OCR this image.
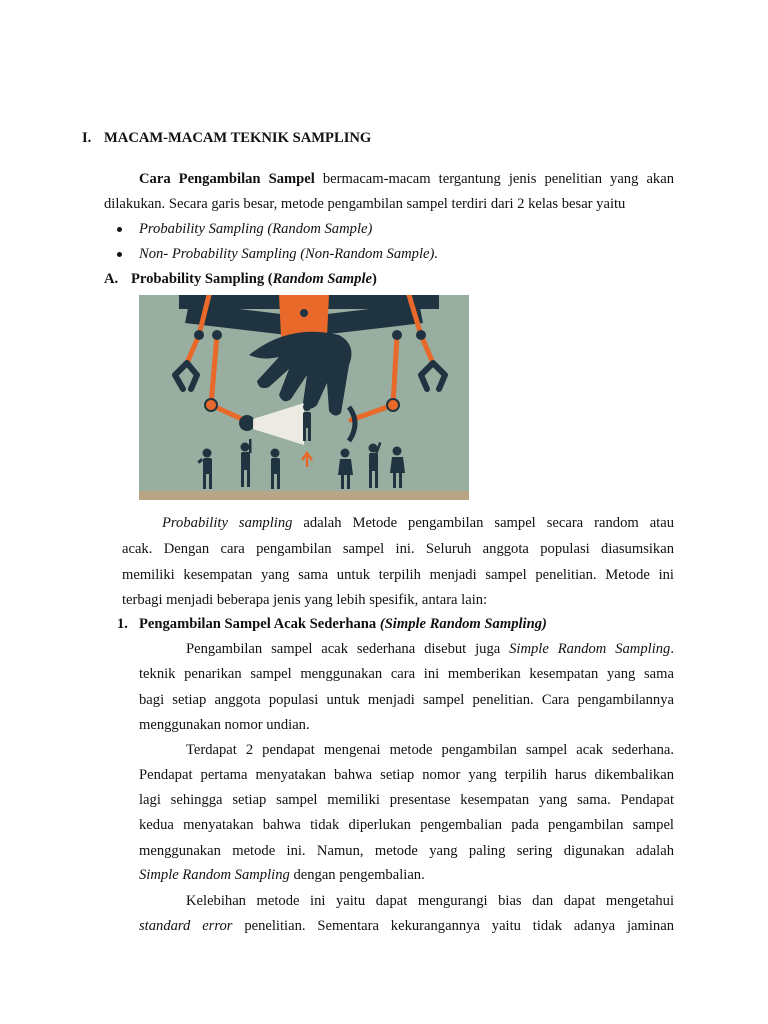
I. MACAM-MACAM TEKNIK SAMPLING
Cara Pengambilan Sampel bermacam-macam tergantung jenis penelitian yang akan
dilakukan. Secara garis besar, metode pengambilan sampel terdiri dari 2 kelas besar yaitu
Probability Sampling (Random Sample)
Non- Probability Sampling (Non-Random Sample).
A. Probability Sampling (Random Sample)
Probability sampling adalah Metode pengambilan sampel secara random atau
acak. Dengan cara pengambilan sampel ini. Seluruh anggota populasi diasumsikan
memiliki kesempatan yang sama untuk terpilih menjadi sampel penelitian. Metode ini
terbagi menjadi beberapa jenis yang lebih spesifik, antara lain:
1. Pengambilan Sampel Acak Sederhana (Simple Random Sampling)
Pengambilan sampel acak sederhana disebut juga Simple Random Sampling.
teknik penarikan sampel menggunakan cara ini memberikan kesempatan yang sama
bagi setiap anggota populasi untuk menjadi sampel penelitian. Cara pengambilannya
menggunakan nomor undian.
Terdapat 2 pendapat mengenai metode pengambilan sampel acak sederhana.
Pendapat pertama menyatakan bahwa setiap nomor yang terpilih harus dikembalikan
lagi sehingga setiap sampel memiliki presentase kesempatan yang sama. Pendapat
kedua menyatakan bahwa tidak diperlukan pengembalian pada pengambilan sampel
menggunakan metode ini. Namun, metode yang paling sering digunakan adalah
Simple Random Sampling dengan pengembalian.
Kelebihan metode ini yaitu dapat mengurangi bias dan dapat mengetahui
standard error penelitian. Sementara kekurangannya yaitu tidak adanya jaminan
